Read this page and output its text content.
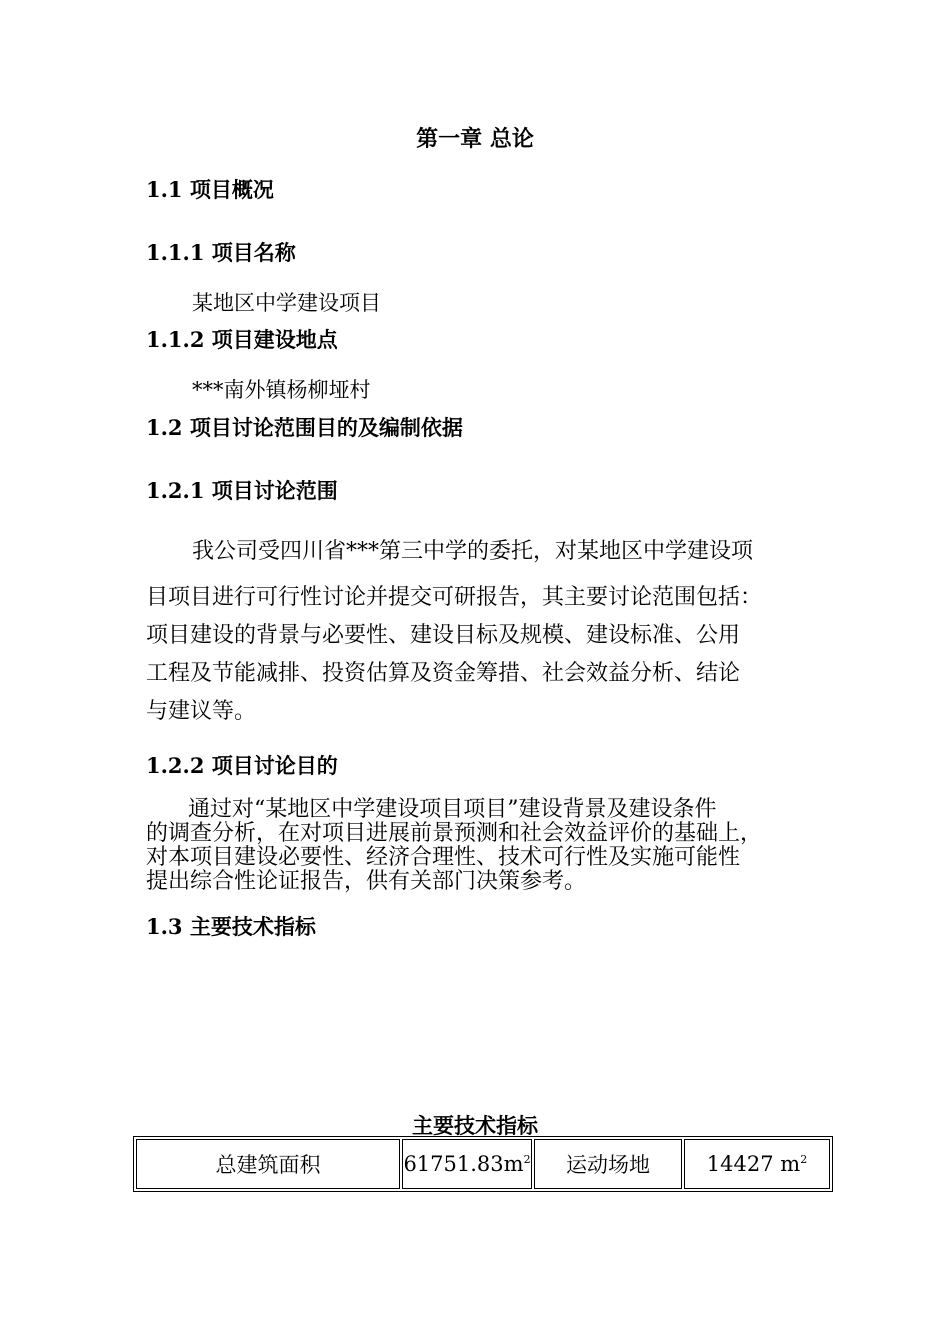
第一章 总论
1.1 项目概况
1.1.1 项目名称
某地区中学建设项目
1.1.2 项目建设地点
***南外镇杨柳垭村
1.2 项目讨论范围目的及编制依据
1.2.1 项目讨论范围
我公司受四川省***第三中学的委托，对某地区中学建设项
目项目进行可行性讨论并提交可研报告，其主要讨论范围包括：
项目建设的背景与必要性、建设目标及规模、建设标准、公用
工程及节能减排、投资估算及资金筹措、社会效益分析、结论
与建议等。
1.2.2 项目讨论目的
通过对“某地区中学建设项目项目”建设背景及建设条件
的调查分析，在对项目进展前景预测和社会效益评价的基础上，
对本项目建设必要性、经济合理性、技术可行性及实施可能性
提出综合性论证报告，供有关部门决策参考。
1.3 主要技术指标
主要技术指标
总建筑面积	$61751.83m^2$	运动场地	14427 $m^2$
